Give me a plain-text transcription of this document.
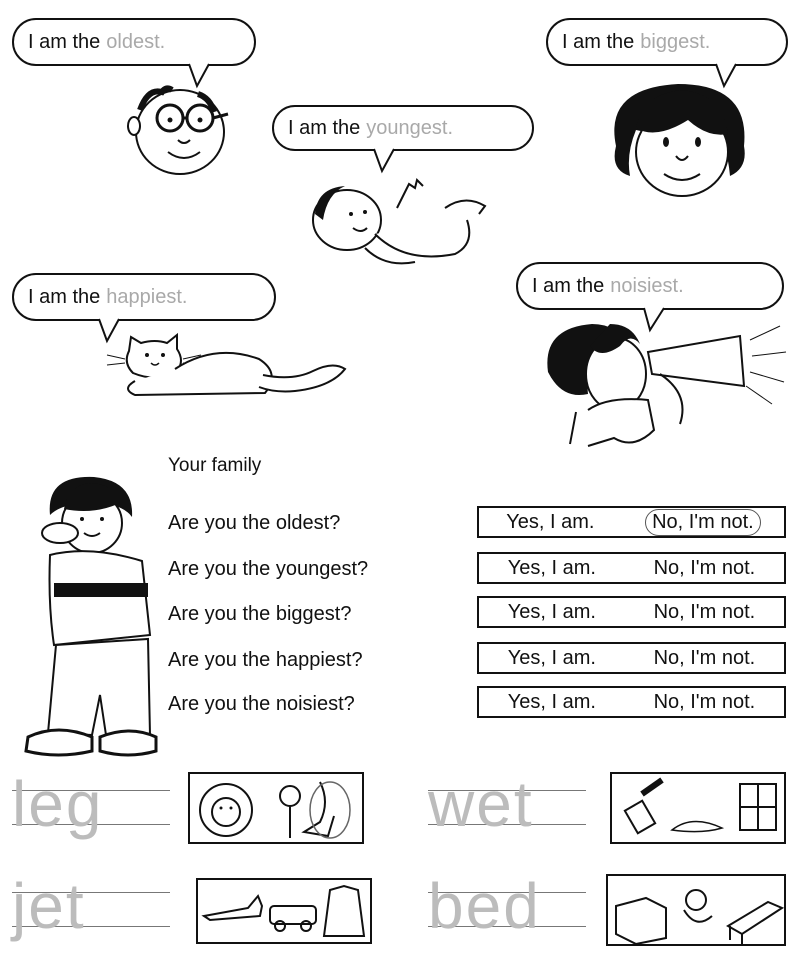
I am the oldest.	I am the biggest.
I am the youngest.
I am the happiest.	I am the noisiest.
Your family
Are you the oldest?	Yes, I am.	No, I'm not.
Are you the youngest?	Yes, I am.	No, I'm not.
Are you the biggest?	Yes, I am.	No, I'm not.
Are you the happiest?	Yes, I am.	No, I'm not.
Are you the noisiest?	Yes, I am.	No, I'm not.
leg	wet
jet	bed
